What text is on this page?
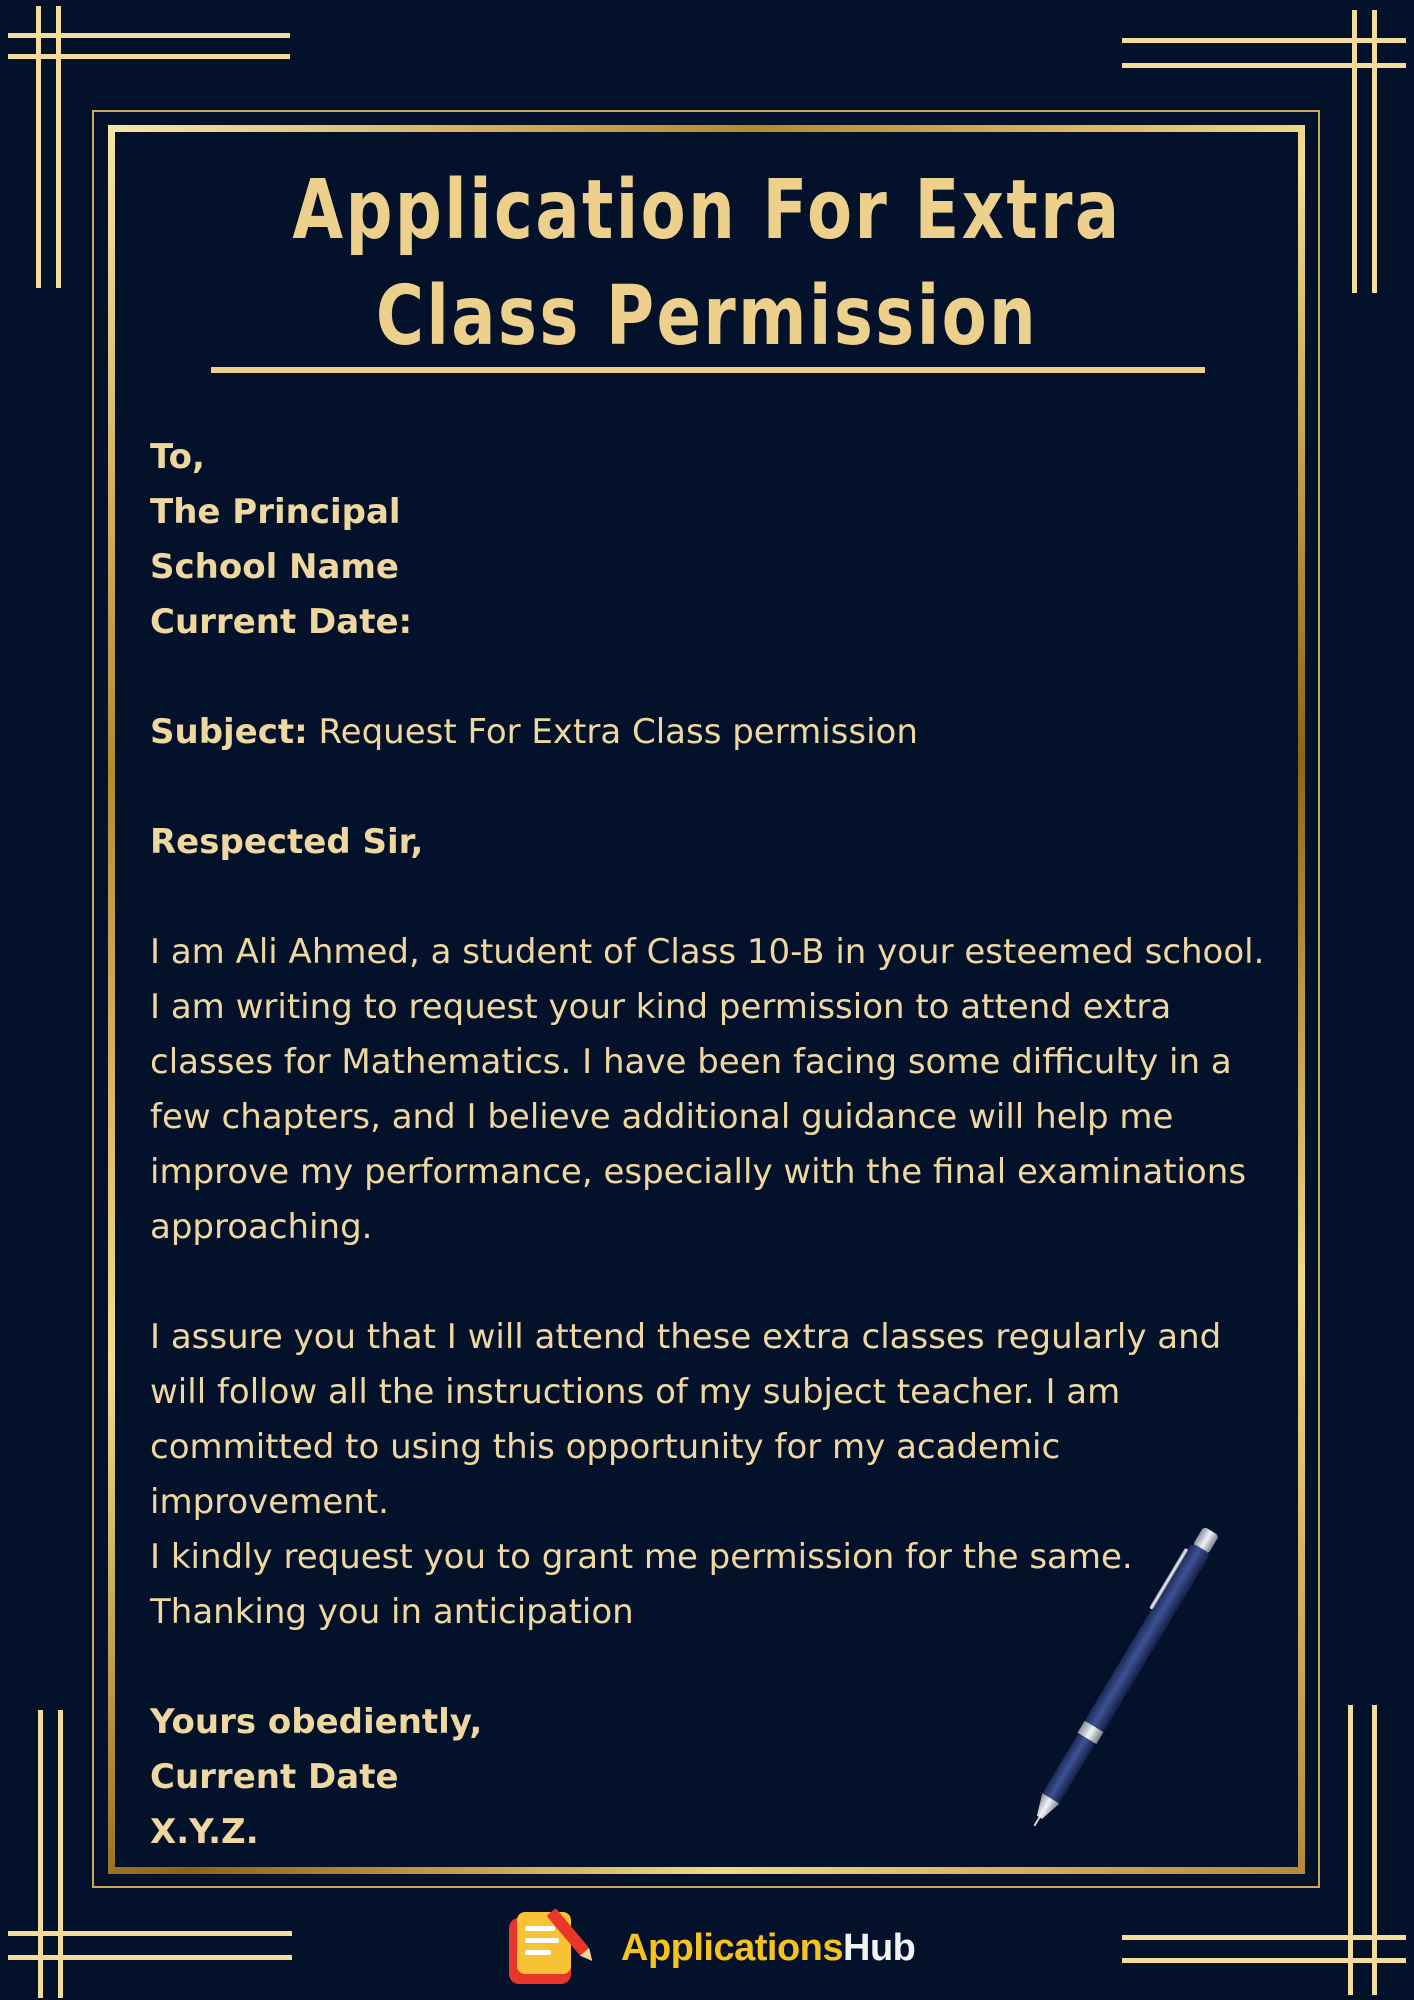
Application For Extra
Class Permission

To,

The Principal

School Name

Current Date:

Subject: Request For Extra Class permission

Respected Sir,

I am Ali Ahmed, a student of Class 10-B in your esteemed school. I am writing to request your kind permission to attend extra classes for Mathematics. I have been facing some difficulty in a few chapters, and I believe additional guidance will help me improve my performance, especially with the final examinations approaching.

I assure you that I will attend these extra classes regularly and will follow all the instructions of my subject teacher. I am committed to using this opportunity for my academic improvement.

I kindly request you to grant me permission for the same.

Thanking you in anticipation

Yours obediently,

Current Date

X.Y.Z.

ApplicationsHub
